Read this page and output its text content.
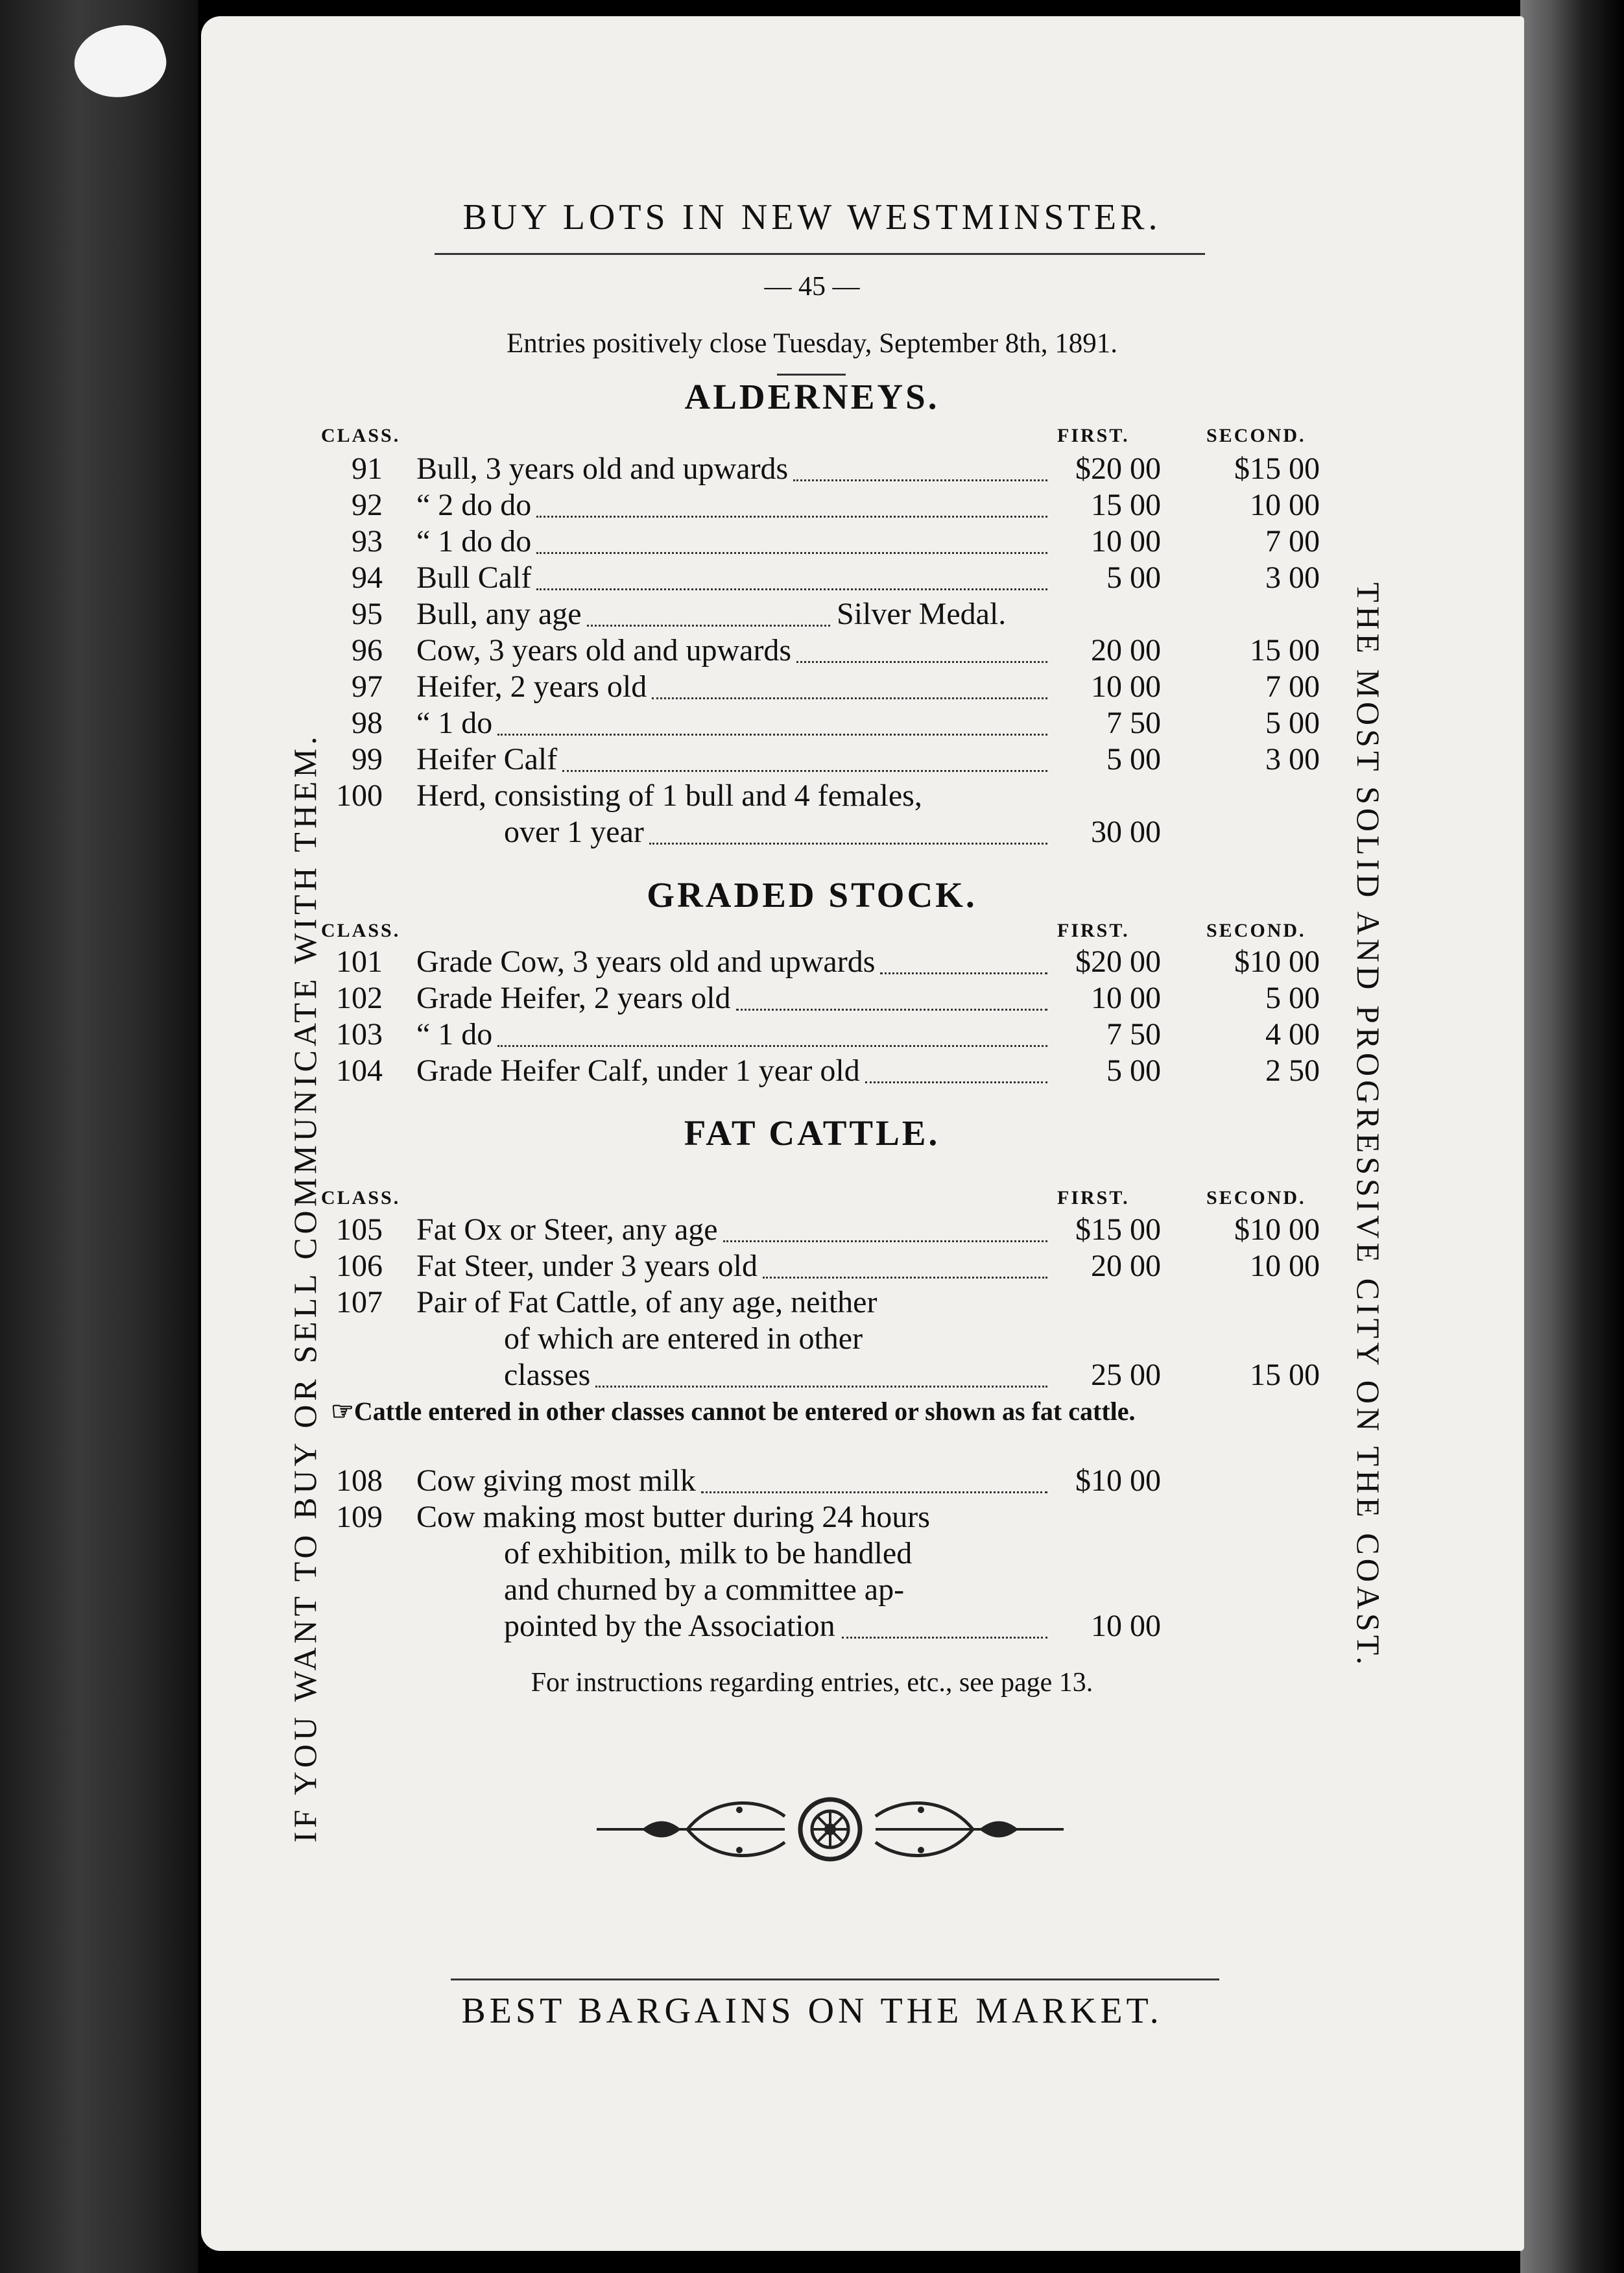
BUY LOTS IN NEW WESTMINSTER.
— 45 —
Entries positively close Tuesday, September 8th, 1891.
IF YOU WANT TO BUY OR SELL COMMUNICATE WITH THEM.	THE MOST SOLID AND PROGRESSIVE CITY ON THE COAST.
ALDERNEYS.
CLASS.	FIRST.	SECOND.
91 Bull, 3 years old and upwards	$20 00	$15 00
92 “ 2 do do	15 00	10 00
93 “ 1 do do	10 00	7 00
94 Bull Calf	5 00	3 00
95 Bull, any age	Silver Medal.
96 Cow, 3 years old and upwards	20 00	15 00
97 Heifer, 2 years old	10 00	7 00
98 “ 1 do	7 50	5 00
99 Heifer Calf	5 00	3 00
100 Herd, consisting of 1 bull and 4 females,
over 1 year	30 00
GRADED STOCK.
CLASS.	FIRST.	SECOND.
101 Grade Cow, 3 years old and upwards	$20 00	$10 00
102 Grade Heifer, 2 years old	10 00	5 00
103 “ 1 do	7 50	4 00
104 Grade Heifer Calf, under 1 year old	5 00	2 50
FAT CATTLE.
CLASS.	FIRST.	SECOND.
105 Fat Ox or Steer, any age	$15 00	$10 00
106 Fat Steer, under 3 years old	20 00	10 00
107 Pair of Fat Cattle, of any age, neither
of which are entered in other
classes	25 00	15 00
☞Cattle entered in other classes cannot be entered or shown as fat cattle.
108 Cow giving most milk	$10 00
109 Cow making most butter during 24 hours
of exhibition, milk to be handled
and churned by a committee ap-
pointed by the Association	10 00
For instructions regarding entries, etc., see page 13.
BEST BARGAINS ON THE MARKET.
